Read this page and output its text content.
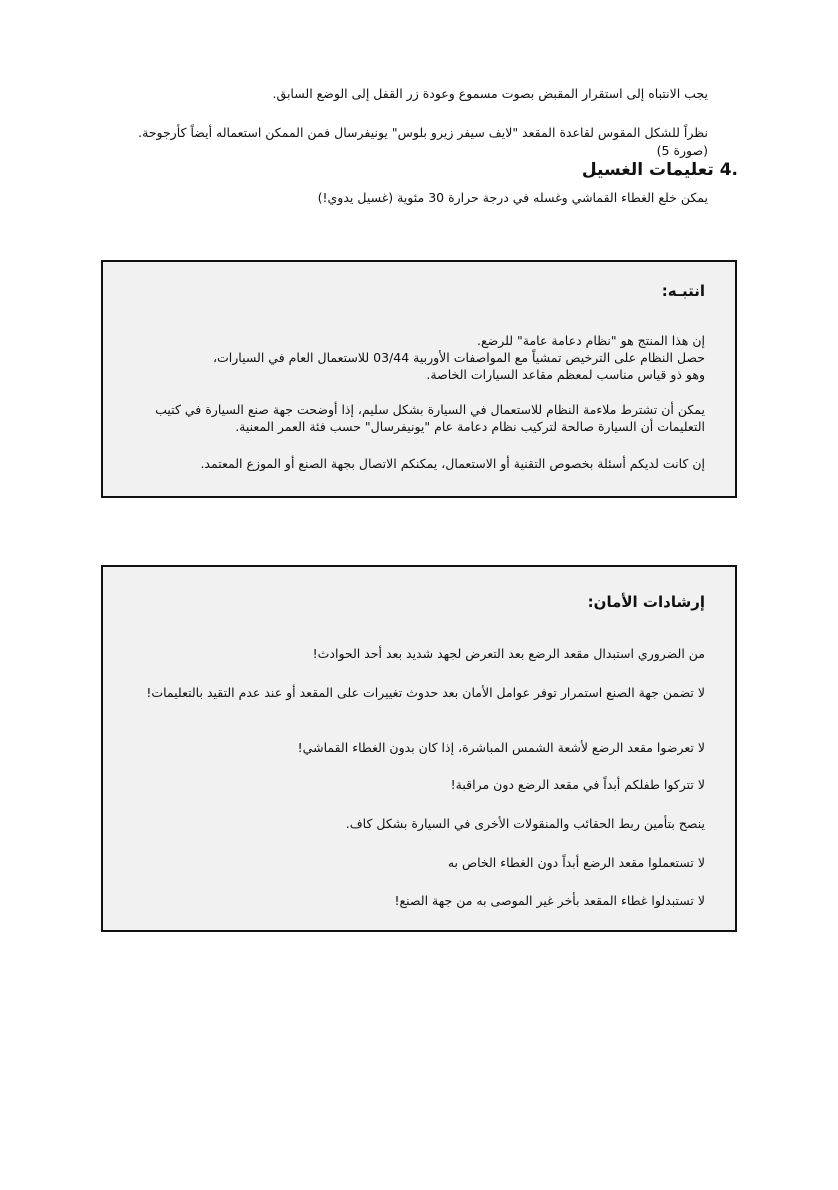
يجب الانتباه إلى استقرار المقبض بصوت مسموع وعودة زر القفل إلى الوضع السابق.

نظراً للشكل المقوس لقاعدة المقعد "لايف سيفر زيرو بلوس" يونيفرسال فمن الممكن استعماله أيضاً كأرجوحة. (صورة 5)

4.
تعليمات الغسيل

يمكن خلع الغطاء القماشي وغسله في درجة حرارة 30 مئوية (غسيل يدوي!)

انتبـه:

إن هذا المنتج هو "نظام دعامة عامة" للرضع.
حصل النظام على الترخيص تمشياً مع المواصفات الأوربية 03/44 للاستعمال العام في السيارات،
وهو ذو قياس مناسب لمعظم مقاعد السيارات الخاصة.

يمكن أن تشترط ملاءمة النظام للاستعمال في السيارة بشكل سليم، إذا أوضحت جهة صنع السيارة في كتيب
التعليمات أن السيارة صالحة لتركيب نظام دعامة عام "يونيفرسال" حسب فئة العمر المعنية.

إن كانت لديكم أسئلة بخصوص التقنية أو الاستعمال، يمكنكم الاتصال بجهة الصنع أو الموزع المعتمد.

إرشادات الأمان:

من الضروري استبدال مقعد الرضع بعد التعرض لجهد شديد بعد أحد الحوادث!

لا تضمن جهة الصنع استمرار توفر عوامل الأمان بعد حدوث تغييرات على المقعد أو عند عدم التقيد بالتعليمات!

لا تعرضوا مقعد الرضع لأشعة الشمس المباشرة، إذا كان بدون الغطاء القماشي!

لا تتركوا طفلكم أبداً في مقعد الرضع دون مراقبة!

ينصح بتأمين ربط الحقائب والمنقولات الأخرى في السيارة بشكل كاف.

لا تستعملوا مقعد الرضع أبداً دون الغطاء الخاص به

لا تستبدلوا غطاء المقعد بأخر غير الموصى به من جهة الصنع!
